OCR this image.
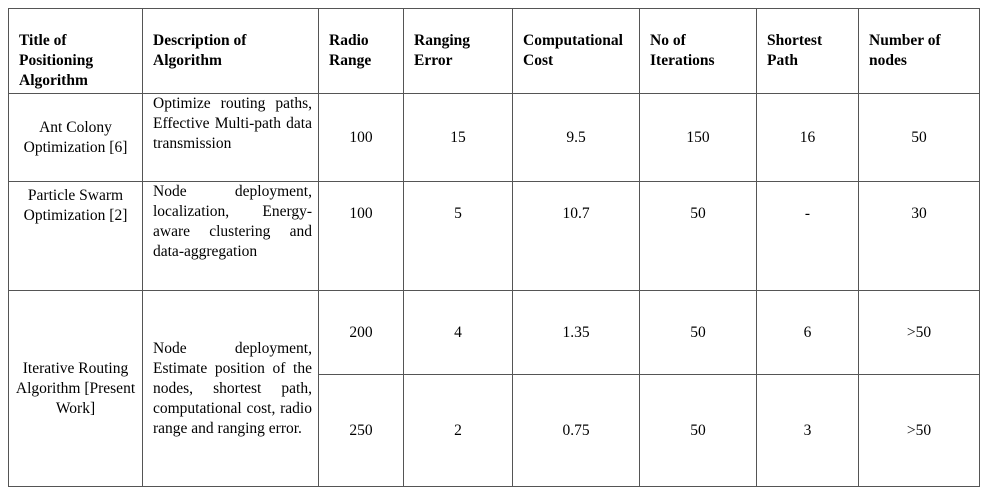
Title of Positioning Algorithm	Description of Algorithm	Radio Range	Ranging Error	Computational Cost	No of Iterations	Shortest Path	Number of nodes
Ant Colony Optimization [6]	Optimize routing paths, Effective Multi-path data transmission	100	15	9.5	150	16	50
Particle Swarm Optimization [2]	Node deployment, localization, Energy-aware clustering and data-aggregation	100	5	10.7	50	-	30
Iterative Routing Algorithm [Present Work]	Node deployment, Estimate position of the nodes, shortest path, computational cost, radio range and ranging error.	200	4	1.35	50	6	>50
		250	2	0.75	50	3	>50
